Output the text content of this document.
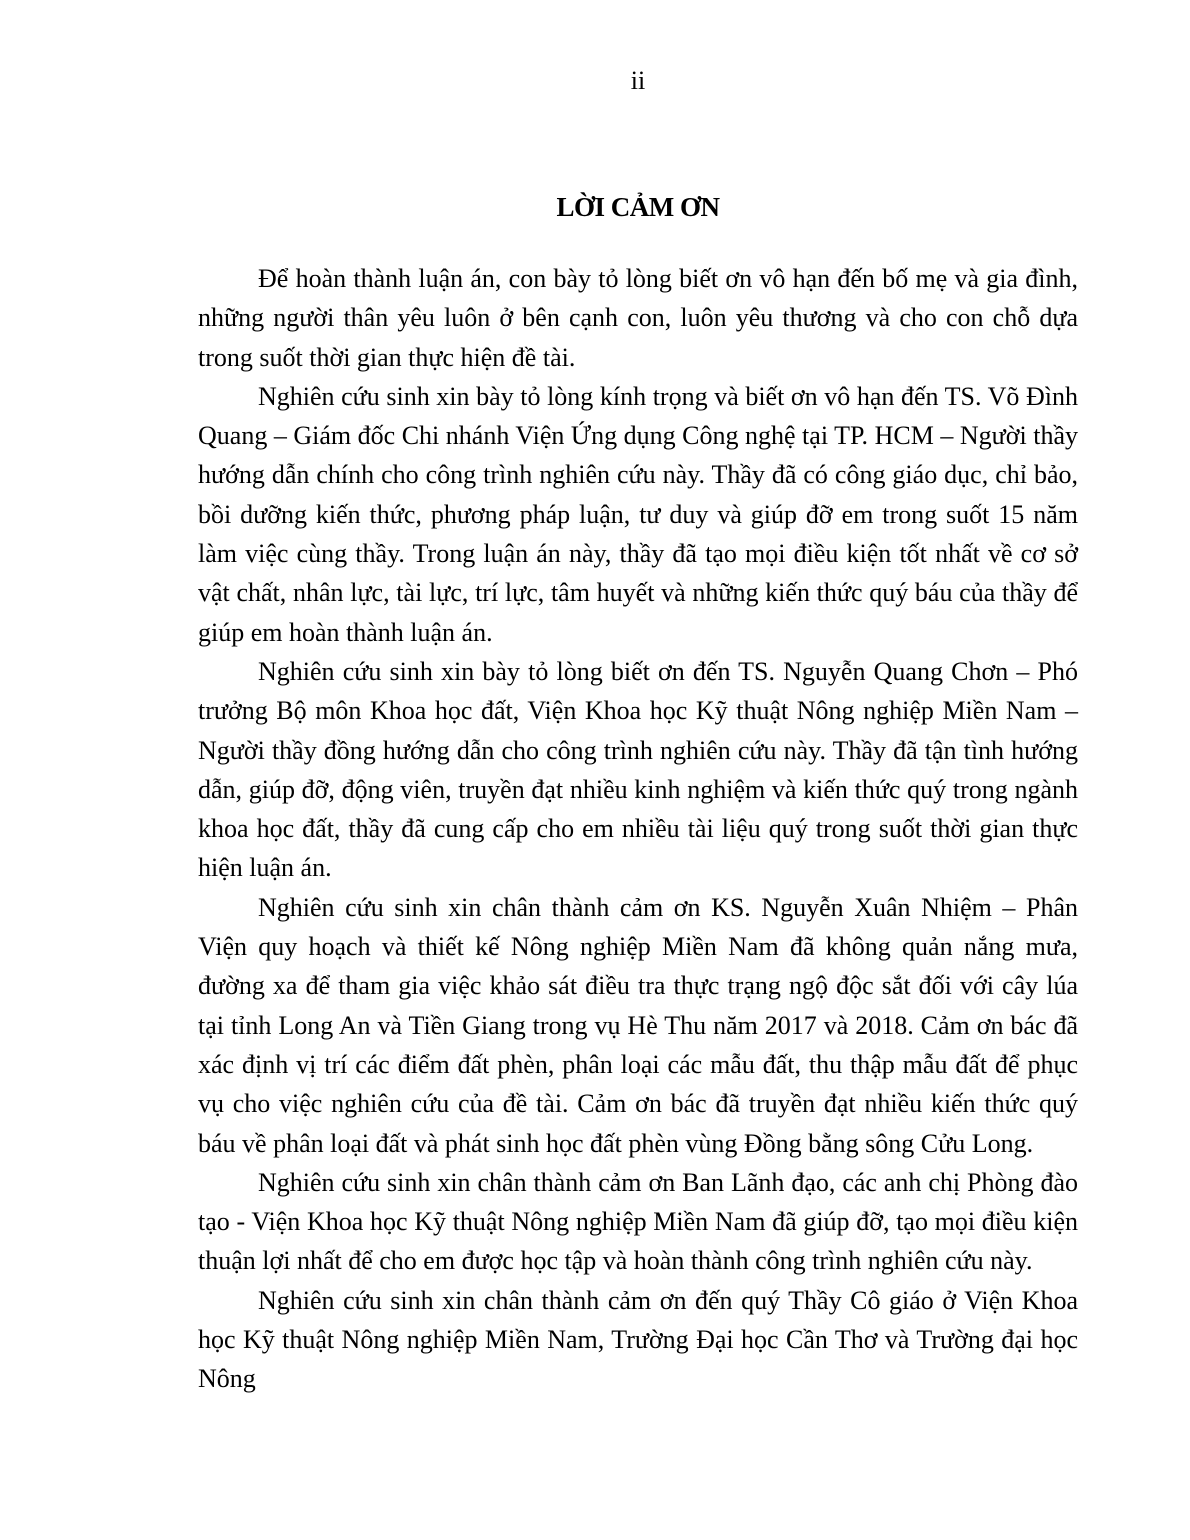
ii
LỜI CẢM ƠN

Để hoàn thành luận án, con bày tỏ lòng biết ơn vô hạn đến bố mẹ và gia đình, những người thân yêu luôn ở bên cạnh con, luôn yêu thương và cho con chỗ dựa trong suốt thời gian thực hiện đề tài.

Nghiên cứu sinh xin bày tỏ lòng kính trọng và biết ơn vô hạn đến TS. Võ Đình Quang – Giám đốc Chi nhánh Viện Ứng dụng Công nghệ tại TP. HCM – Người thầy hướng dẫn chính cho công trình nghiên cứu này. Thầy đã có công giáo dục, chỉ bảo, bồi dưỡng kiến thức, phương pháp luận, tư duy và giúp đỡ em trong suốt 15 năm làm việc cùng thầy. Trong luận án này, thầy đã tạo mọi điều kiện tốt nhất về cơ sở vật chất, nhân lực, tài lực, trí lực, tâm huyết và những kiến thức quý báu của thầy để giúp em hoàn thành luận án.

Nghiên cứu sinh xin bày tỏ lòng biết ơn đến TS. Nguyễn Quang Chơn – Phó trưởng Bộ môn Khoa học đất, Viện Khoa học Kỹ thuật Nông nghiệp Miền Nam – Người thầy đồng hướng dẫn cho công trình nghiên cứu này. Thầy đã tận tình hướng dẫn, giúp đỡ, động viên, truyền đạt nhiều kinh nghiệm và kiến thức quý trong ngành khoa học đất, thầy đã cung cấp cho em nhiều tài liệu quý trong suốt thời gian thực hiện luận án.

Nghiên cứu sinh xin chân thành cảm ơn KS. Nguyễn Xuân Nhiệm – Phân Viện quy hoạch và thiết kế Nông nghiệp Miền Nam đã không quản nắng mưa, đường xa để tham gia việc khảo sát điều tra thực trạng ngộ độc sắt đối với cây lúa tại tỉnh Long An và Tiền Giang trong vụ Hè Thu năm 2017 và 2018. Cảm ơn bác đã xác định vị trí các điểm đất phèn, phân loại các mẫu đất, thu thập mẫu đất để phục vụ cho việc nghiên cứu của đề tài. Cảm ơn bác đã truyền đạt nhiều kiến thức quý báu về phân loại đất và phát sinh học đất phèn vùng Đồng bằng sông Cửu Long.

Nghiên cứu sinh xin chân thành cảm ơn Ban Lãnh đạo, các anh chị Phòng đào tạo - Viện Khoa học Kỹ thuật Nông nghiệp Miền Nam đã giúp đỡ, tạo mọi điều kiện thuận lợi nhất để cho em được học tập và hoàn thành công trình nghiên cứu này.

Nghiên cứu sinh xin chân thành cảm ơn đến quý Thầy Cô giáo ở Viện Khoa học Kỹ thuật Nông nghiệp Miền Nam, Trường Đại học Cần Thơ và Trường đại học Nông
